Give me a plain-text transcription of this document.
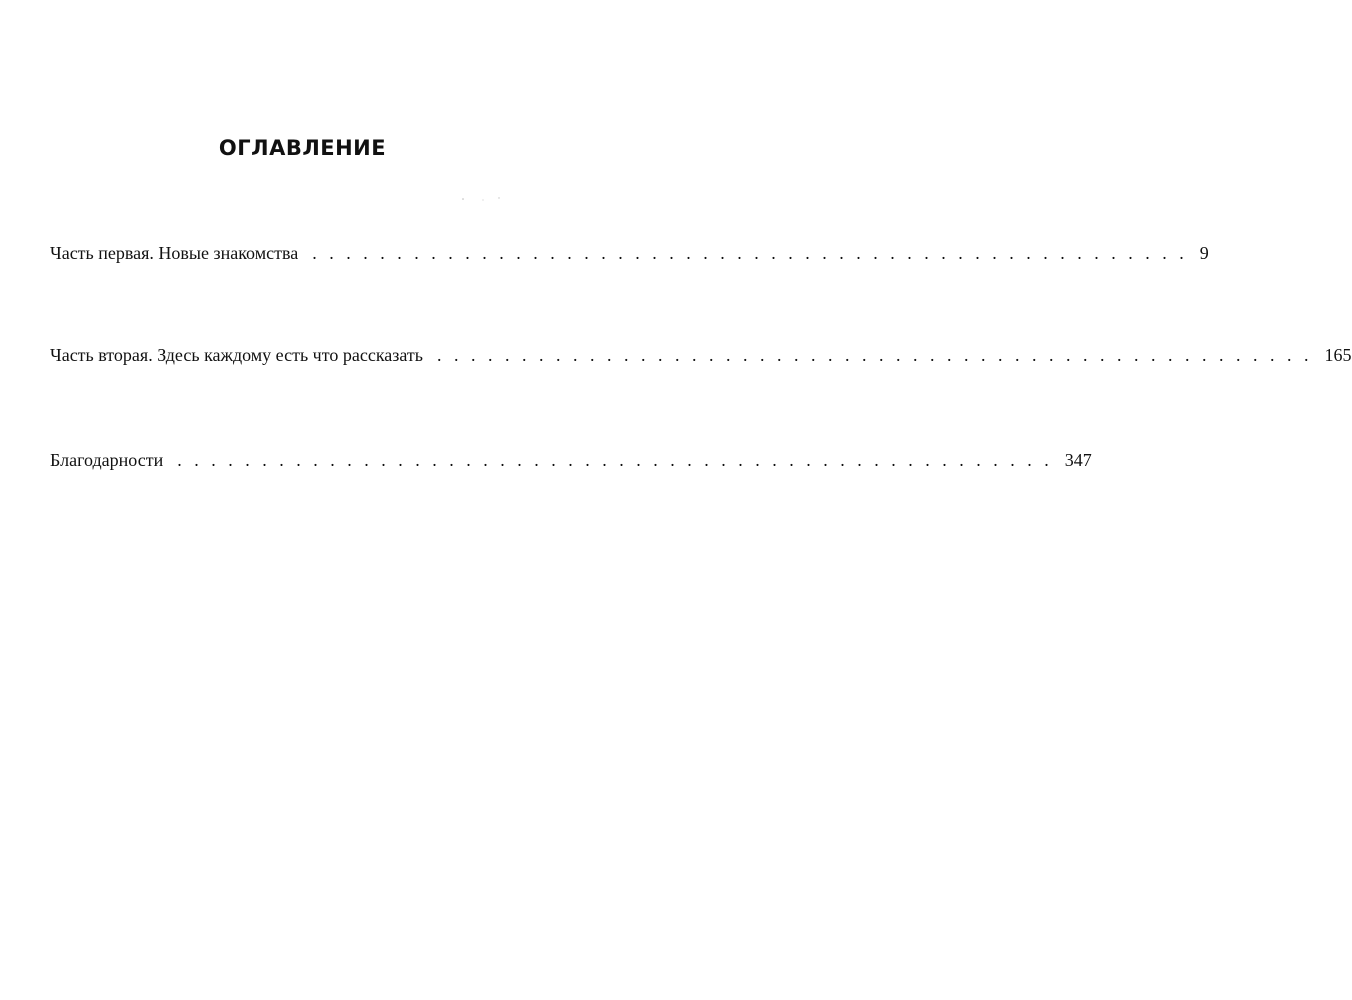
ОГЛАВЛЕНИЕ
Часть первая. Новые знакомства . . . . . . . . . . . . . . . . . . . . . . . . . . . . . . . . . . . . . . . . . . . . . . . . . . . . 9
Часть вторая. Здесь каждому есть что рассказать . . . . . . . . . . . . . . . . . . . . . . . . . . . . . . . . . . . . . . . . . . . . . . . . . . . . 165
Благодарности . . . . . . . . . . . . . . . . . . . . . . . . . . . . . . . . . . . . . . . . . . . . . . . . . . . . 347
